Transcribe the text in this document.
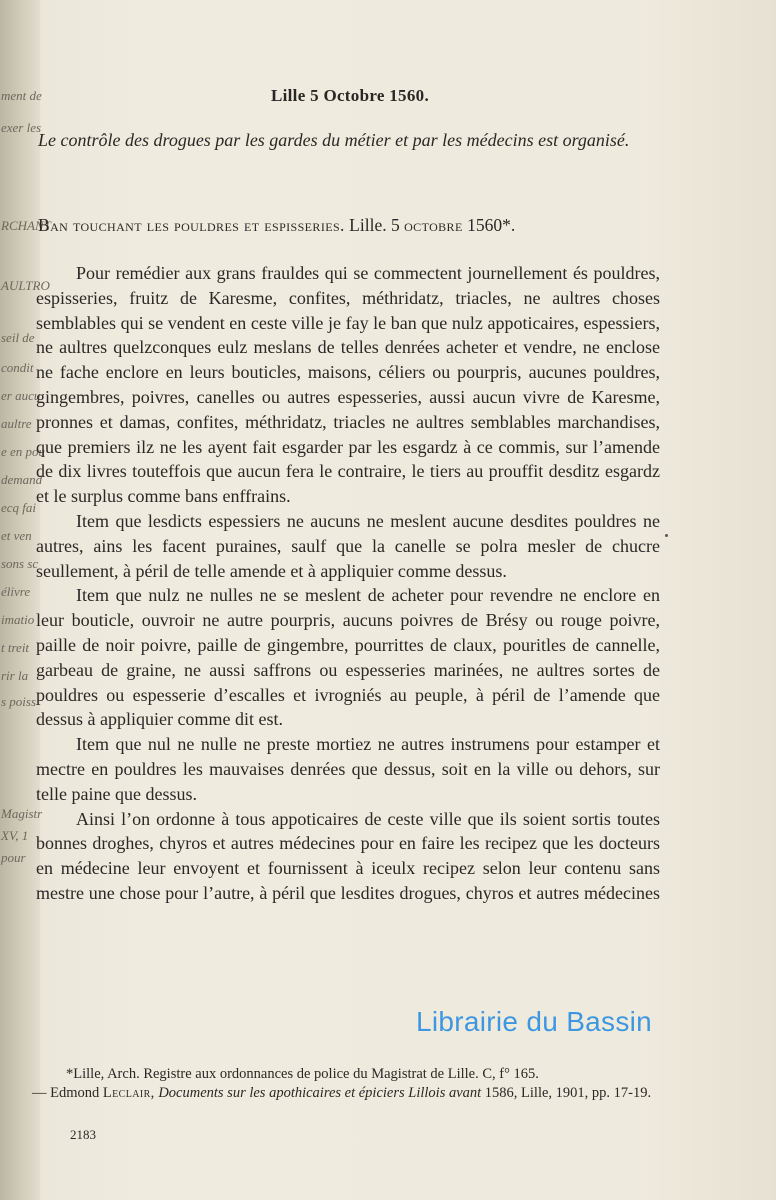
ment de
exer les
RCHANT
AULTRO
seil de
condit
er aucu
aultre
e en pou
demand
ecq fai
et ven
sons sc
élivre
imatio
t treit
rir la
s poiss
Magistr
XV, 1
pour
Lille 5 Octobre 1560.
Le contrôle des drogues par les gardes du métier et par les médecins est organisé.
Ban touchant les pouldres et espisseries. Lille. 5 octobre 1560*.

Pour remédier aux grans frauldes qui se commectent journellement és pouldres, espisseries, fruitz de Karesme, confites, méthridatz, triacles, ne aultres choses semblables qui se vendent en ceste ville je fay le ban que nulz appoticaires, espessiers, ne aultres quelzconques eulz meslans de telles denrées acheter et vendre, ne enclose ne fache enclore en leurs bouticles, maisons, céliers ou pourpris, aucunes pouldres, gingembres, poivres, canelles ou autres espesseries, aussi aucun vivre de Karesme, pronnes et damas, confites, méthridatz, triacles ne aultres semblables marchandises, que premiers ilz ne les ayent fait esgarder par les esgardz à ce commis, sur l’amende de dix livres touteffois que aucun fera le contraire, le tiers au prouffit desditz esgardz et le surplus comme bans enffrains.

Item que lesdicts espessiers ne aucuns ne meslent aucune desdites pouldres ne autres, ains les facent puraines, saulf que la canelle se polra mesler de chucre seullement, à péril de telle amende et à appliquier comme dessus.

Item que nulz ne nulles ne se meslent de acheter pour revendre ne enclore en leur bouticle, ouvroir ne autre pourpris, aucuns poivres de Brésy ou rouge poivre, paille de noir poivre, paille de gingembre, pourrittes de claux, pouritles de cannelle, garbeau de graine, ne aussi saffrons ou espesseries marinées, ne aultres sortes de pouldres ou espesserie d’escalles et ivrogniés au peuple, à péril de l’amende que dessus à appliquier comme dit est.

Item que nul ne nulle ne preste mortiez ne autres instrumens pour estamper et mectre en pouldres les mauvaises denrées que dessus, soit en la ville ou dehors, sur telle paine que dessus.

Ainsi l’on ordonne à tous appoticaires de ceste ville que ils soient sortis toutes bonnes droghes, chyros et autres médecines pour en faire les recipez que les docteurs en médecine leur envoyent et fournissent à iceulx recipez selon leur contenu sans mestre une chose pour l’autre, à péril que lesdites drogues, chyros et autres médecines

Librairie du Bassin

*Lille, Arch. Registre aux ordonnances de police du Magistrat de Lille. C, f° 165.

— Edmond Leclair, Documents sur les apothicaires et épiciers Lillois avant 1586, Lille, 1901, pp. 17-19.

2183
